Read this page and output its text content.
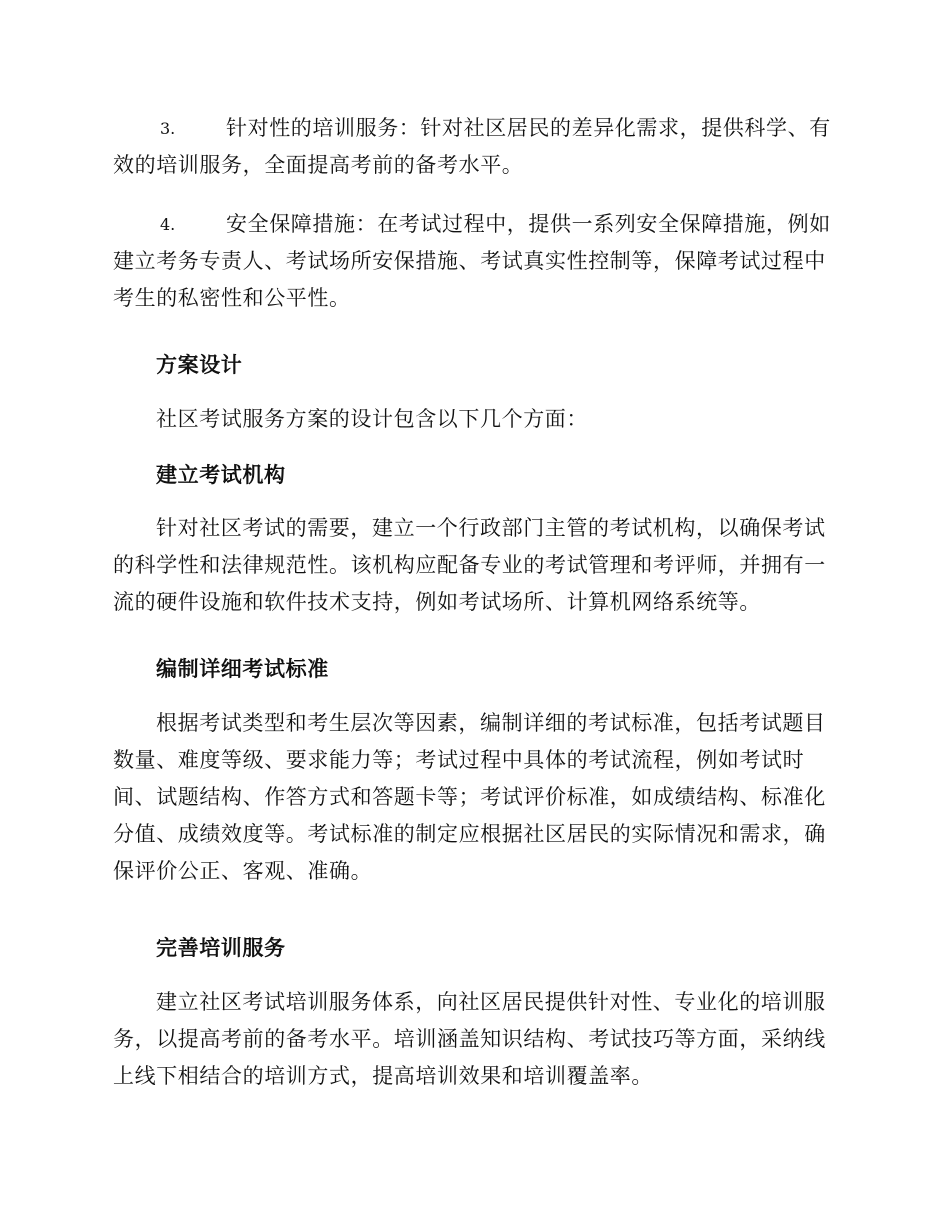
3.	针对性的培训服务：针对社区居民的差异化需求，提供科学、有效的培训服务，全面提高考前的备考水平。
4.	安全保障措施：在考试过程中，提供一系列安全保障措施，例如建立考务专责人、考试场所安保措施、考试真实性控制等，保障考试过程中考生的私密性和公平性。
方案设计

社区考试服务方案的设计包含以下几个方面：

建立考试机构

针对社区考试的需要，建立一个行政部门主管的考试机构，以确保考试的科学性和法律规范性。该机构应配备专业的考试管理和考评师，并拥有一流的硬件设施和软件技术支持，例如考试场所、计算机网络系统等。

编制详细考试标准

根据考试类型和考生层次等因素，编制详细的考试标准，包括考试题目数量、难度等级、要求能力等；考试过程中具体的考试流程，例如考试时间、试题结构、作答方式和答题卡等；考试评价标准，如成绩结构、标准化分值、成绩效度等。考试标准的制定应根据社区居民的实际情况和需求，确保评价公正、客观、准确。

完善培训服务

建立社区考试培训服务体系，向社区居民提供针对性、专业化的培训服务，以提高考前的备考水平。培训涵盖知识结构、考试技巧等方面，采纳线上线下相结合的培训方式，提高培训效果和培训覆盖率。
